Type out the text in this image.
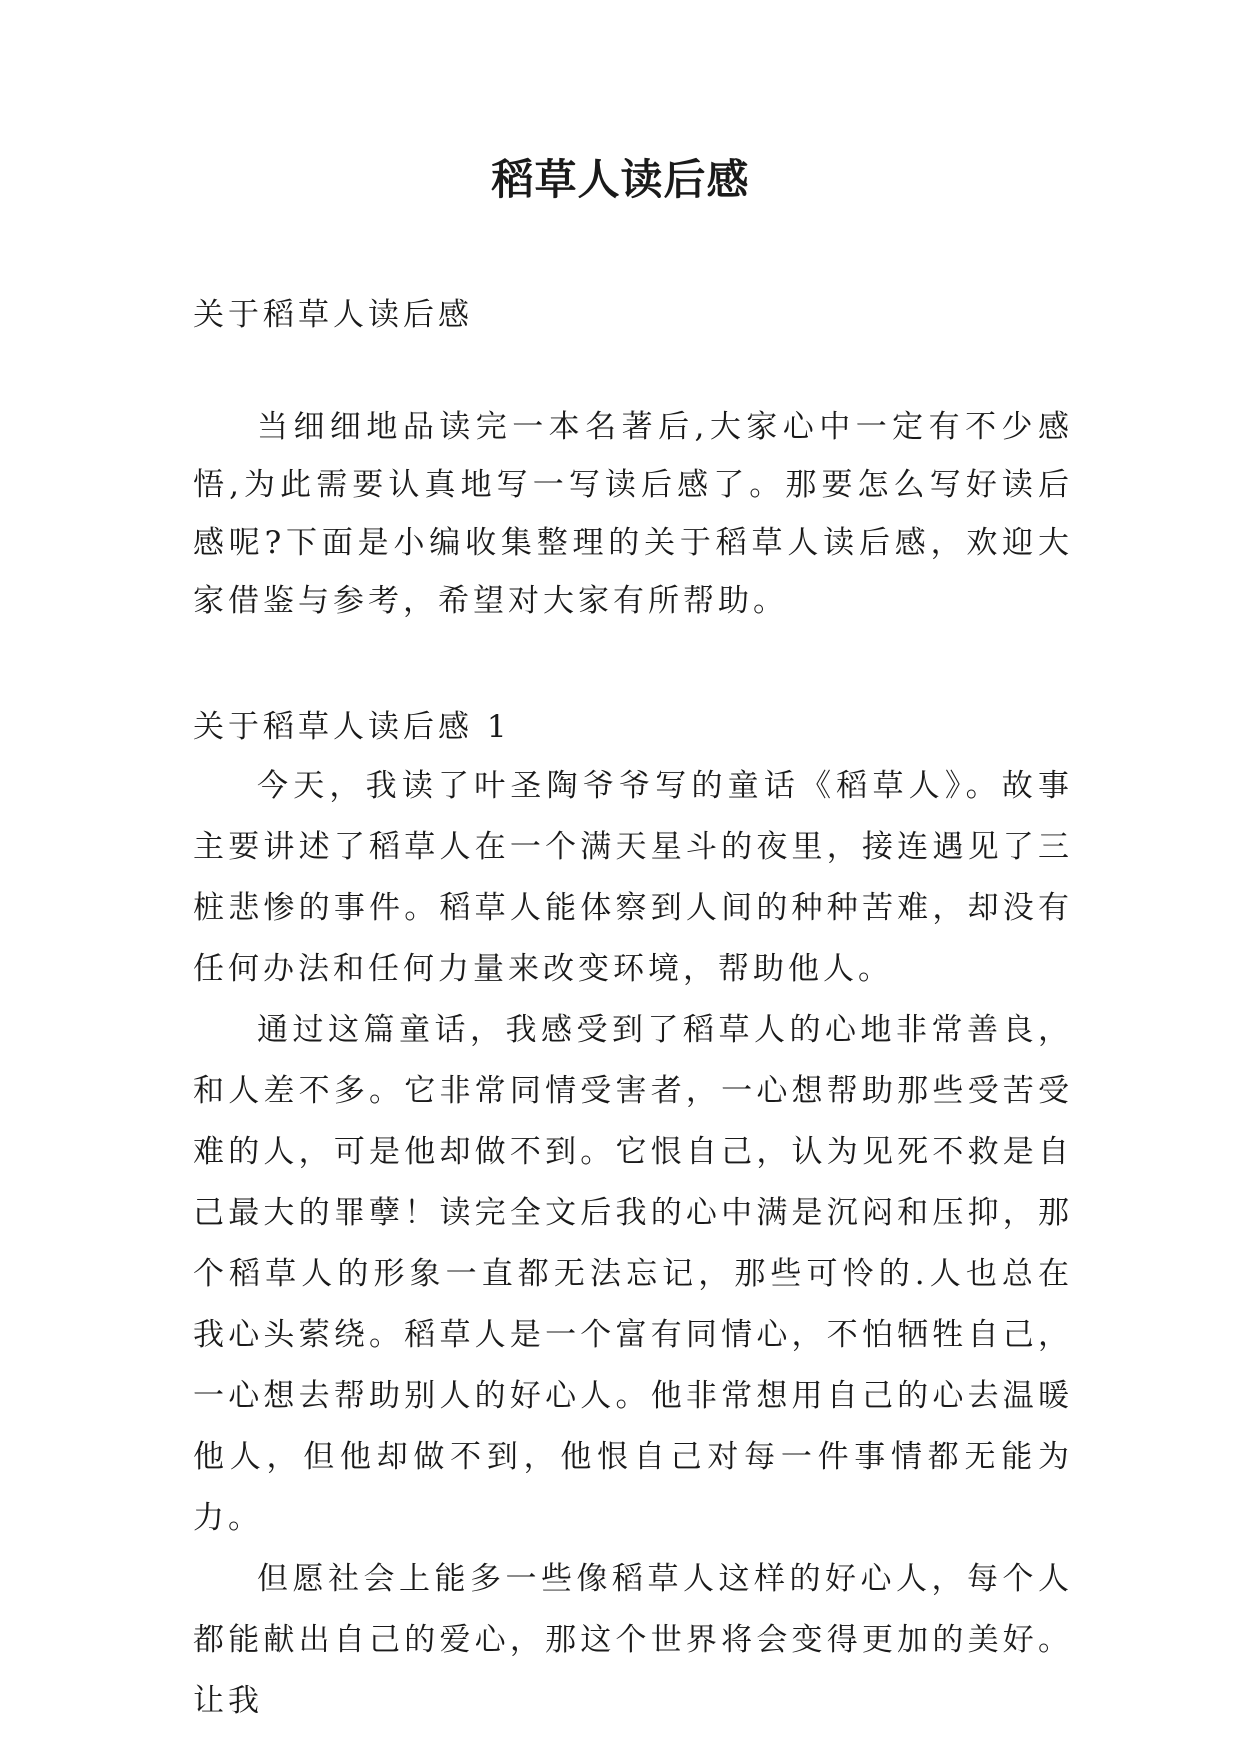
稻草人读后感
关于稻草人读后感

当细细地品读完一本名著后,大家心中一定有不少感悟,为此需要认真地写一写读后感了。那要怎么写好读后感呢?下面是小编收集整理的关于稻草人读后感，欢迎大家借鉴与参考，希望对大家有所帮助。

关于稻草人读后感 1

今天，我读了叶圣陶爷爷写的童话《稻草人》。故事主要讲述了稻草人在一个满天星斗的夜里，接连遇见了三桩悲惨的事件。稻草人能体察到人间的种种苦难，却没有任何办法和任何力量来改变环境，帮助他人。

通过这篇童话，我感受到了稻草人的心地非常善良，和人差不多。它非常同情受害者，一心想帮助那些受苦受难的人，可是他却做不到。它恨自己，认为见死不救是自己最大的罪孽！读完全文后我的心中满是沉闷和压抑，那个稻草人的形象一直都无法忘记，那些可怜的.人也总在我心头萦绕。稻草人是一个富有同情心，不怕牺牲自己，一心想去帮助别人的好心人。他非常想用自己的心去温暖他人，但他却做不到，他恨自己对每一件事情都无能为力。

但愿社会上能多一些像稻草人这样的好心人，每个人都能献出自己的爱心，那这个世界将会变得更加的美好。让我
